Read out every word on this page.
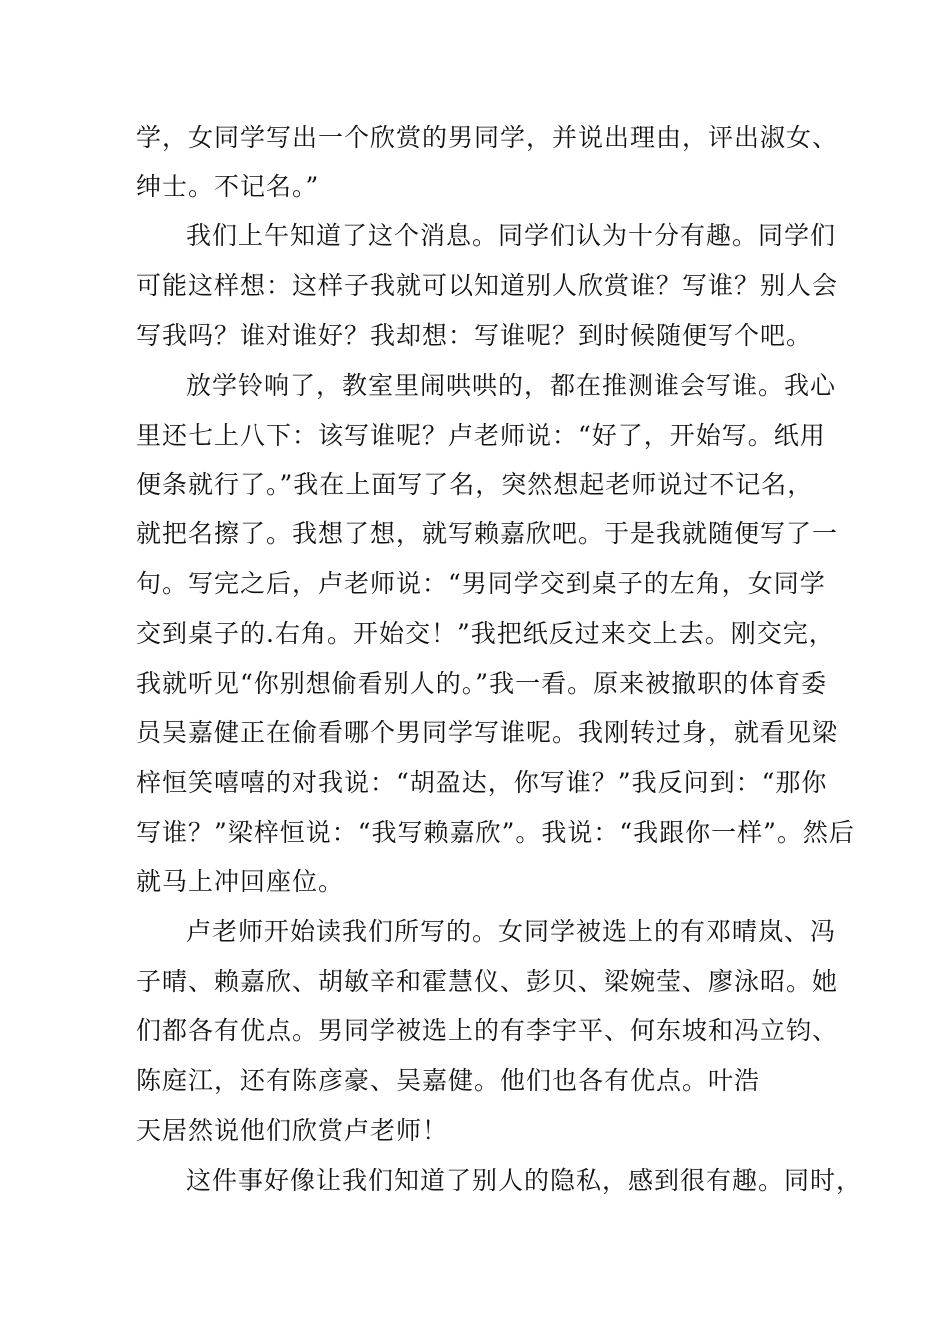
学，女同学写出一个欣赏的男同学，并说出理由，评出淑女、
绅士。不记名。”
我们上午知道了这个消息。同学们认为十分有趣。同学们
可能这样想：这样子我就可以知道别人欣赏谁？写谁？别人会
写我吗？谁对谁好？我却想：写谁呢？到时候随便写个吧。
放学铃响了，教室里闹哄哄的，都在推测谁会写谁。我心
里还七上八下：该写谁呢？卢老师说：“好了，开始写。纸用
便条就行了。”我在上面写了名，突然想起老师说过不记名，
就把名擦了。我想了想，就写赖嘉欣吧。于是我就随便写了一
句。写完之后，卢老师说：“男同学交到桌子的左角，女同学
交到桌子的.右角。开始交！”我把纸反过来交上去。刚交完，
我就听见“你别想偷看别人的。”我一看。原来被撤职的体育委
员吴嘉健正在偷看哪个男同学写谁呢。我刚转过身，就看见梁
梓恒笑嘻嘻的对我说：“胡盈达，你写谁？”我反问到：“那你
写谁？”梁梓恒说：“我写赖嘉欣”。我说：“我跟你一样”。然后
就马上冲回座位。
卢老师开始读我们所写的。女同学被选上的有邓晴岚、冯
子晴、赖嘉欣、胡敏辛和霍慧仪、彭贝、梁婉莹、廖泳昭。她
们都各有优点。男同学被选上的有李宇平、何东坡和冯立钧、
陈庭江，还有陈彦豪、吴嘉健。他们也各有优点。叶浩
天居然说他们欣赏卢老师！
这件事好像让我们知道了别人的隐私，感到很有趣。同时，
